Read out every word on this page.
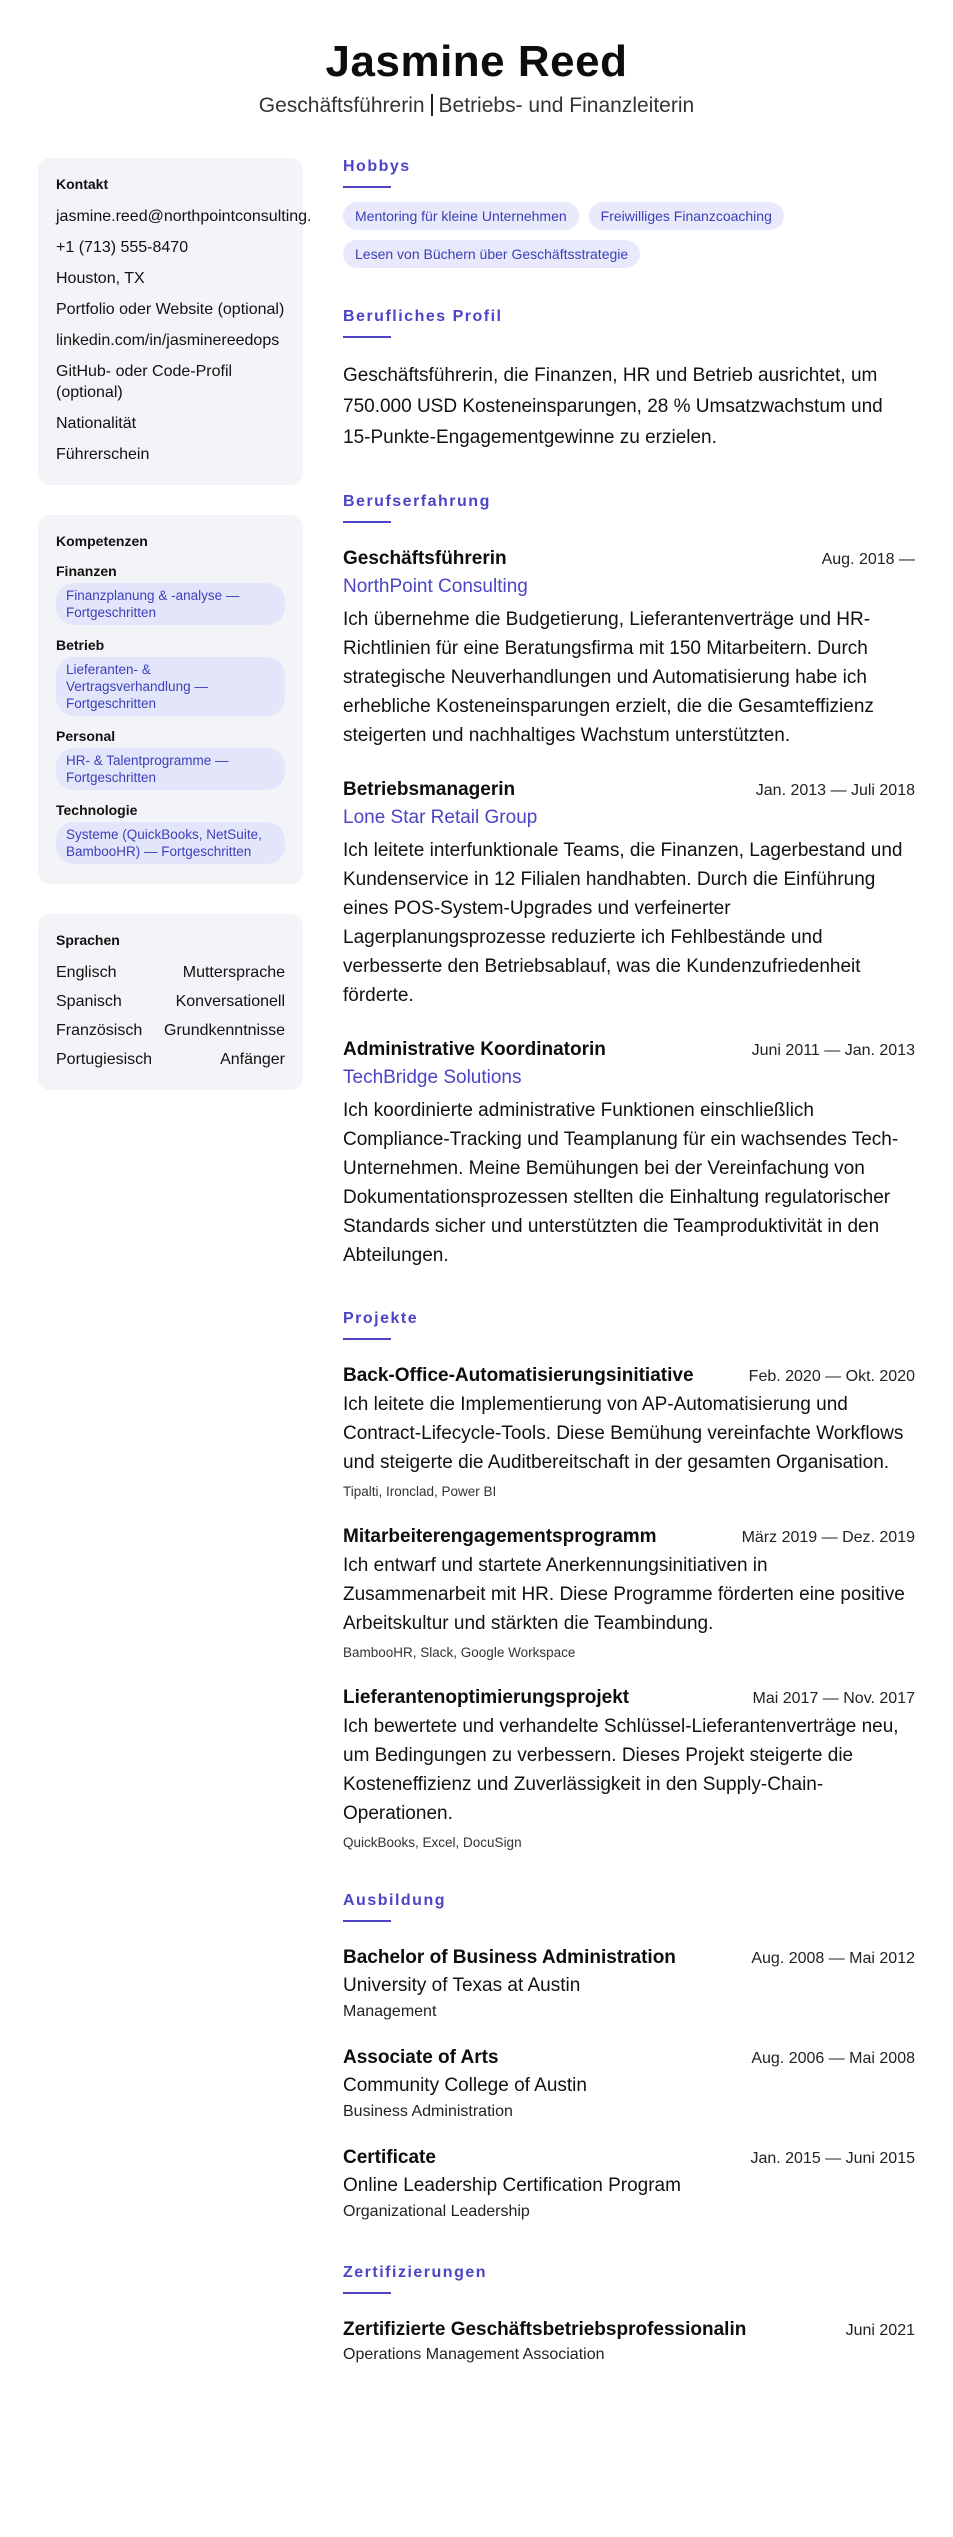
Jasmine Reed
Geschäftsführerin Betriebs- und Finanzleiterin
Kontakt
jasmine.reed@northpointconsulting.
+1 (713) 555-8470
Houston, TX
Portfolio oder Website (optional)
linkedin.com/in/jasminereedops
GitHub- oder Code-Profil (optional)
Nationalität
Führerschein
Kompetenzen
Finanzen
Finanzplanung & -analyse — Fortgeschritten
Betrieb
Lieferanten- & Vertragsverhandlung — Fortgeschritten
Personal
HR- & Talentprogramme — Fortgeschritten
Technologie
Systeme (QuickBooks, NetSuite, BambooHR) — Fortgeschritten
Sprachen
Englisch	Muttersprache
Spanisch	Konversationell
Französisch Grundkenntnisse
Portugiesisch	Anfänger
Hobbys
Mentoring für kleine Unternehmen	Freiwilliges Finanzcoaching
Lesen von Büchern über Geschäftsstrategie
Berufliches Profil

Geschäftsführerin, die Finanzen, HR und Betrieb ausrichtet, um 750.000 USD Kosteneinsparungen, 28 % Umsatzwachstum und 15-Punkte-Engagementgewinne zu erzielen.

Berufserfahrung
Geschäftsführerin	Aug. 2018 —
NorthPoint Consulting

Ich übernehme die Budgetierung, Lieferantenverträge und HR-Richtlinien für eine Beratungsfirma mit 150 Mitarbeitern. Durch strategische Neuverhandlungen und Automatisierung habe ich erhebliche Kosteneinsparungen erzielt, die die Gesamteffizienz steigerten und nachhaltiges Wachstum unterstützten.

Betriebsmanagerin	Jan. 2013 — Juli 2018
Lone Star Retail Group

Ich leitete interfunktionale Teams, die Finanzen, Lagerbestand und Kundenservice in 12 Filialen handhabten. Durch die Einführung eines POS-System-Upgrades und verfeinerter Lagerplanungsprozesse reduzierte ich Fehlbestände und verbesserte den Betriebsablauf, was die Kundenzufriedenheit förderte.

Administrative Koordinatorin	Juni 2011 — Jan. 2013
TechBridge Solutions

Ich koordinierte administrative Funktionen einschließlich Compliance-Tracking und Teamplanung für ein wachsendes Tech-Unternehmen. Meine Bemühungen bei der Vereinfachung von Dokumentationsprozessen stellten die Einhaltung regulatorischer Standards sicher und unterstützten die Teamproduktivität in den Abteilungen.

Projekte
Back-Office-Automatisierungsinitiative	Feb. 2020 — Okt. 2020

Ich leitete die Implementierung von AP-Automatisierung und Contract-Lifecycle-Tools. Diese Bemühung vereinfachte Workflows und steigerte die Auditbereitschaft in der gesamten Organisation.

Tipalti, Ironclad, Power BI
Mitarbeiterengagementsprogramm	März 2019 — Dez. 2019

Ich entwarf und startete Anerkennungsinitiativen in Zusammenarbeit mit HR. Diese Programme förderten eine positive Arbeitskultur und stärkten die Teambindung.

BambooHR, Slack, Google Workspace
Lieferantenoptimierungsprojekt	Mai 2017 — Nov. 2017

Ich bewertete und verhandelte Schlüssel-Lieferantenverträge neu, um Bedingungen zu verbessern. Dieses Projekt steigerte die Kosteneffizienz und Zuverlässigkeit in den Supply-Chain-Operationen.

QuickBooks, Excel, DocuSign
Ausbildung
Bachelor of Business Administration	Aug. 2008 — Mai 2012
University of Texas at Austin
Management
Associate of Arts	Aug. 2006 — Mai 2008
Community College of Austin
Business Administration
Certificate	Jan. 2015 — Juni 2015
Online Leadership Certification Program
Organizational Leadership
Zertifizierungen
Zertifizierte Geschäftsbetriebsprofessionalin	Juni 2021
Operations Management Association
